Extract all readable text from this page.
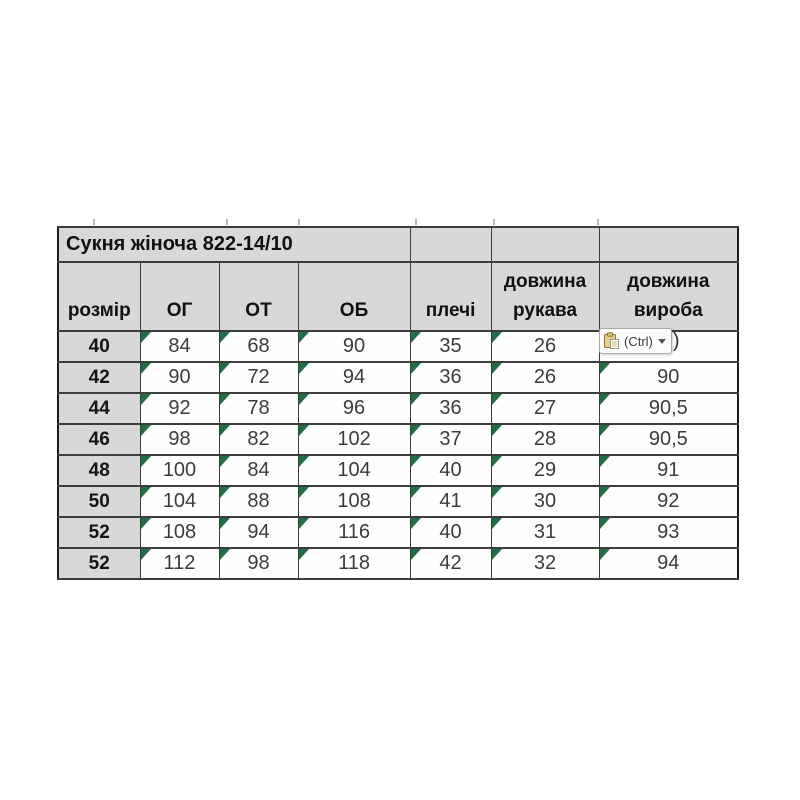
Сукня жіноча 822-14/10						
розмір	ОГ	ОТ	ОБ	плечі	довжина рукава	довжина вироба
40	84	68	90	35	26	

42	90	72	94	36	26	90
44	92	78	96	36	27	90,5
46	98	82	102	37	28	90,5
48	100	84	104	40	29	91
50	104	88	108	41	30	92
52	108	94	116	40	31	93
52	112	98	118	42	32	94
(Ctrl) )
